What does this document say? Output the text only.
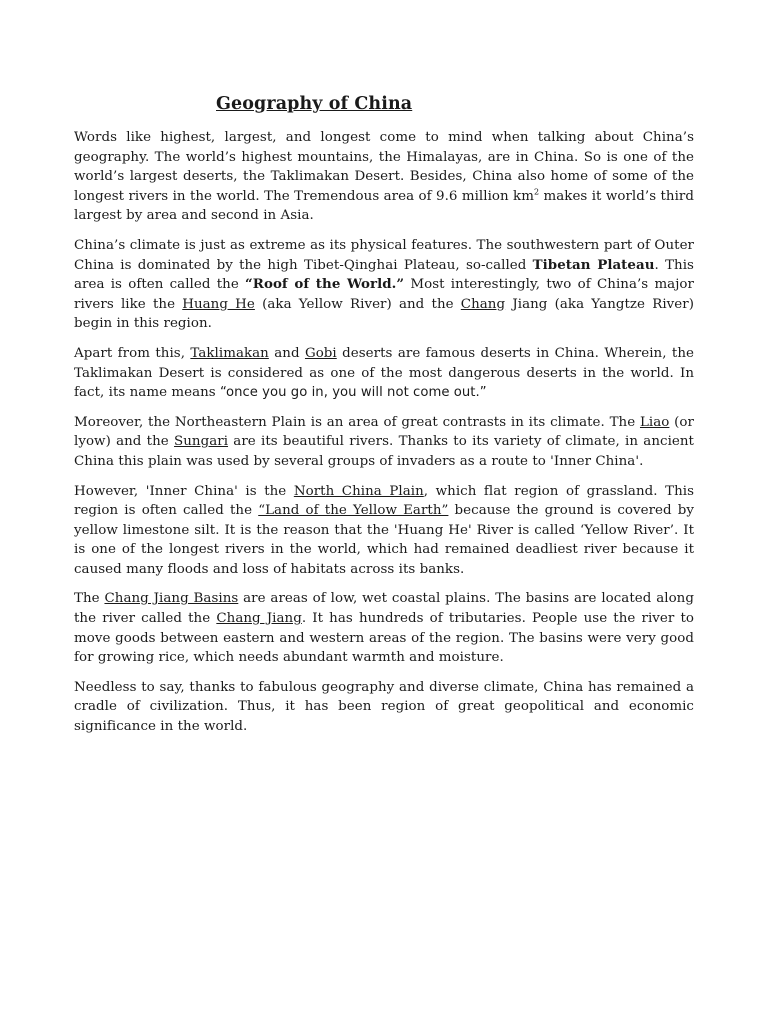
Geography of China

Words like highest, largest, and longest come to mind when talking about China’s geography. The world’s highest mountains, the Himalayas, are in China. So is one of the world’s largest deserts, the Taklimakan Desert. Besides, China also home of some of the longest rivers in the world. The Tremendous area of 9.6 million $km^2$ makes it world’s third largest by area and second in Asia.

China’s climate is just as extreme as its physical features. The southwestern part of Outer China is dominated by the high Tibet-Qinghai Plateau, so-called Tibetan Plateau. This area is often called the “Roof of the World.” Most interestingly, two of China’s major rivers like the Huang He (aka Yellow River) and the Chang Jiang (aka Yangtze River) begin in this region.

Apart from this, Taklimakan and Gobi deserts are famous deserts in China. Wherein, the Taklimakan Desert is considered as one of the most dangerous deserts in the world. In fact, its name means “once you go in, you will not come out.”

Moreover, the Northeastern Plain is an area of great contrasts in its climate. The Liao (or lyow) and the Sungari are its beautiful rivers. Thanks to its variety of climate, in ancient China this plain was used by several groups of invaders as a route to 'Inner China'.

However, 'Inner China' is the North China Plain, which flat region of grassland. This region is often called the “Land of the Yellow Earth” because the ground is covered by yellow limestone silt. It is the reason that the 'Huang He' River is called ‘Yellow River’. It is one of the longest rivers in the world, which had remained deadliest river because it caused many floods and loss of habitats across its banks.

The Chang Jiang Basins are areas of low, wet coastal plains. The basins are located along the river called the Chang Jiang. It has hundreds of tributaries. People use the river to move goods between eastern and western areas of the region. The basins were very good for growing rice, which needs abundant warmth and moisture.

Needless to say, thanks to fabulous geography and diverse climate, China has remained a cradle of civilization. Thus, it has been region of great geopolitical and economic significance in the world.
